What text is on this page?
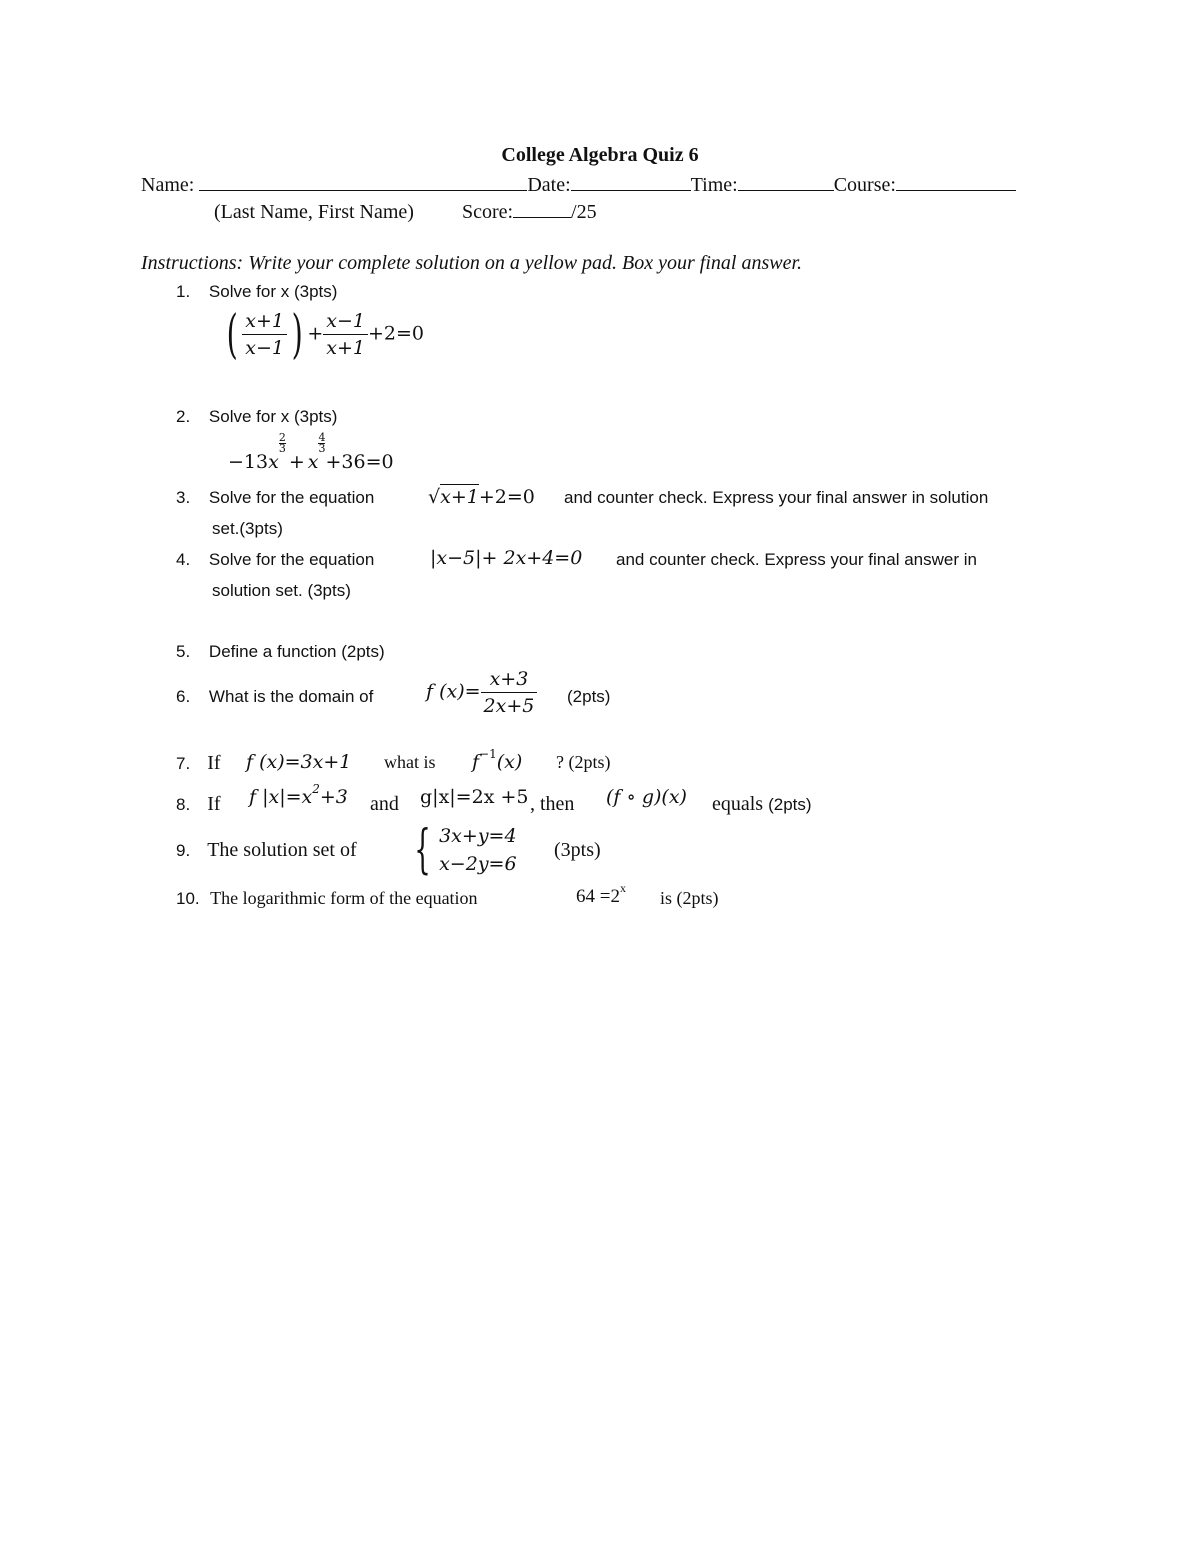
College Algebra Quiz 6
Name:	Date:	Time:	Course:
(Last Name, First Name) Score:	/25
Instructions: Write your complete solution on a yellow pad. Box your final answer.
1. Solve for x (3pts)
( $\frac{x+1}{x-1}$ ) + $\frac{x-1}{x+1} +2=0$
2. Solve for x (3pts)
−13x
$\frac{2}{3}$
+ x
$\frac{4}{3}$
+36=0
3. Solve for the equation	√x+1+2=0 and counter check. Express your final answer in solution
set.(3pts)
4. Solve for the equation	|x−5|+ 2x+4=0 and counter check. Express your final answer in
solution set. (3pts)
5. Define a function (2pts)
6. What is the domain of	f $(x)= \frac{x+3}{2x+5} (2pts)$
7. If f (x)=3x+1 what is $f^{-1}(x)$ ? (2pts)
8. If f $|x|=x^2+3$ and g|x|=2x +5 , then (f ∘ g)(x) equals (2pts)
9. The solution set of { 3x+y=4
x−2y=6
(3pts)
10. The logarithmic form of the equation	$64 =2^x$ is (2pts)
